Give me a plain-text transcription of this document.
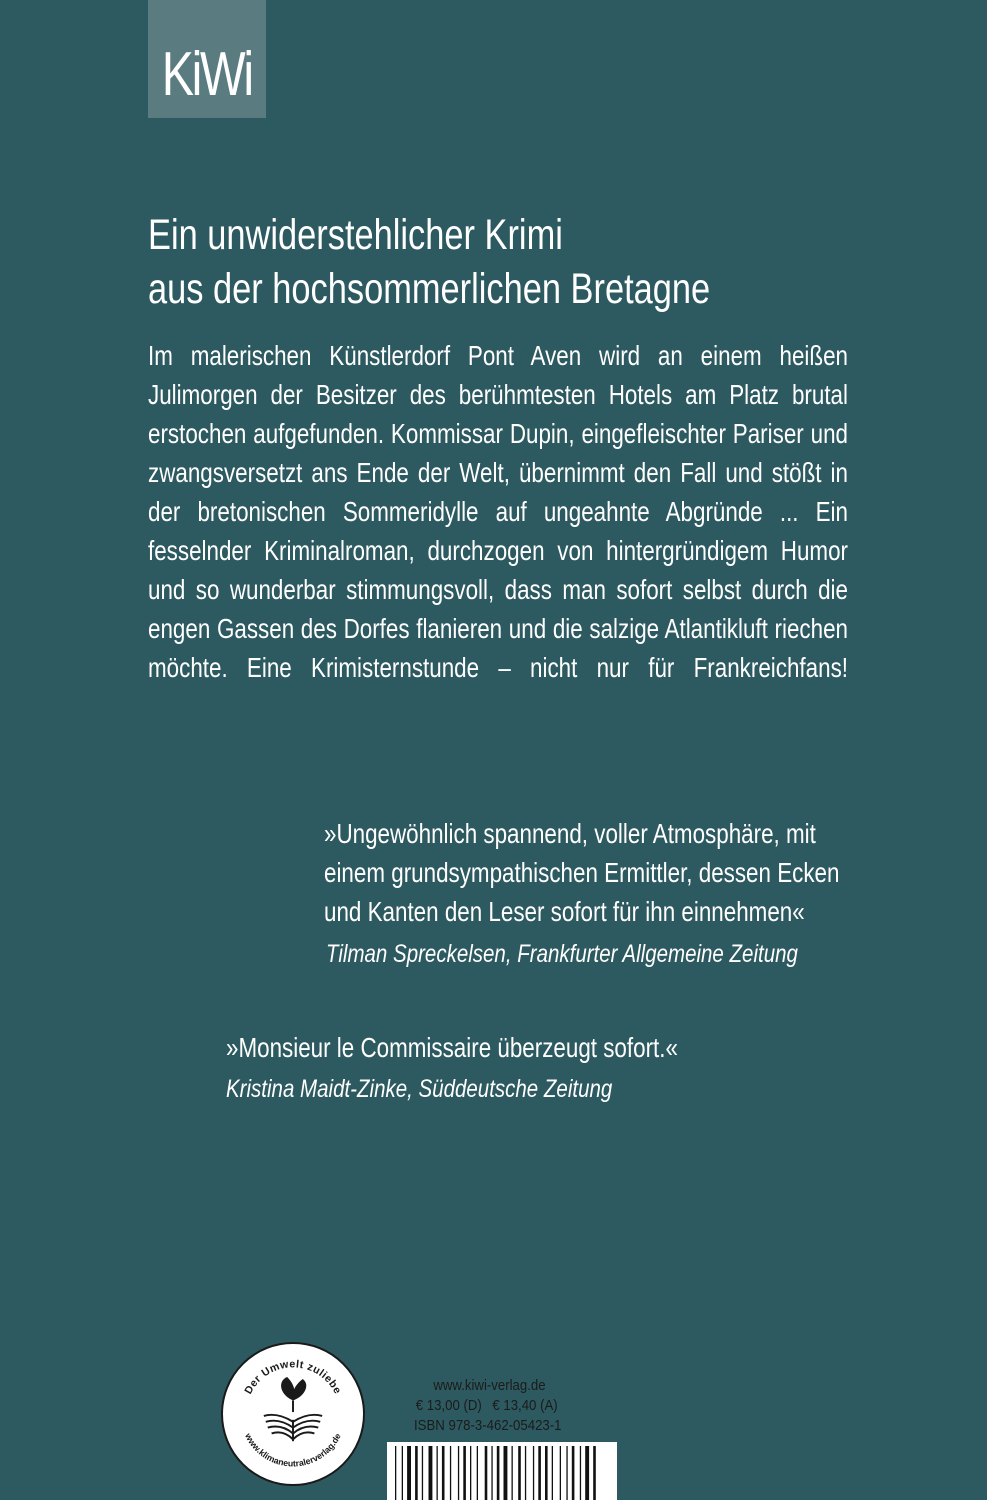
KiWi
Ein unwiderstehlicher Krimi
aus der hochsommerlichen Bretagne

Im malerischen Künstlerdorf Pont Aven wird an einem heißen Julimorgen der Besitzer des berühmtesten Hotels am Platz brutal erstochen aufgefunden. Kommissar Dupin, eingefleischter Pariser und zwangsversetzt ans Ende der Welt, übernimmt den Fall und stößt in der bretonischen Sommeridylle auf ungeahnte Abgründe ... Ein fesselnder Kriminalroman, durchzogen von hintergründigem Humor und so wunderbar stimmungsvoll, dass man sofort selbst durch die engen Gassen des Dorfes flanieren und die salzige Atlantikluft riechen möchte. Eine Krimisternstunde – nicht nur für Frankreichfans!

»Ungewöhnlich spannend, voller Atmosphäre, mit
einem grundsympathischen Ermittler, dessen Ecken
und Kanten den Leser sofort für ihn einnehmen«

Tilman Spreckelsen, Frankfurter Allgemeine Zeitung

»Monsieur le Commissaire überzeugt sofort.«

Kristina Maidt-Zinke, Süddeutsche Zeitung

Der Umwelt zuliebe
www.klimaneutralerverlag.de
www.kiwi-verlag.de
€ 13,00 (D) € 13,40 (A)
ISBN 978-3-462-05423-1
